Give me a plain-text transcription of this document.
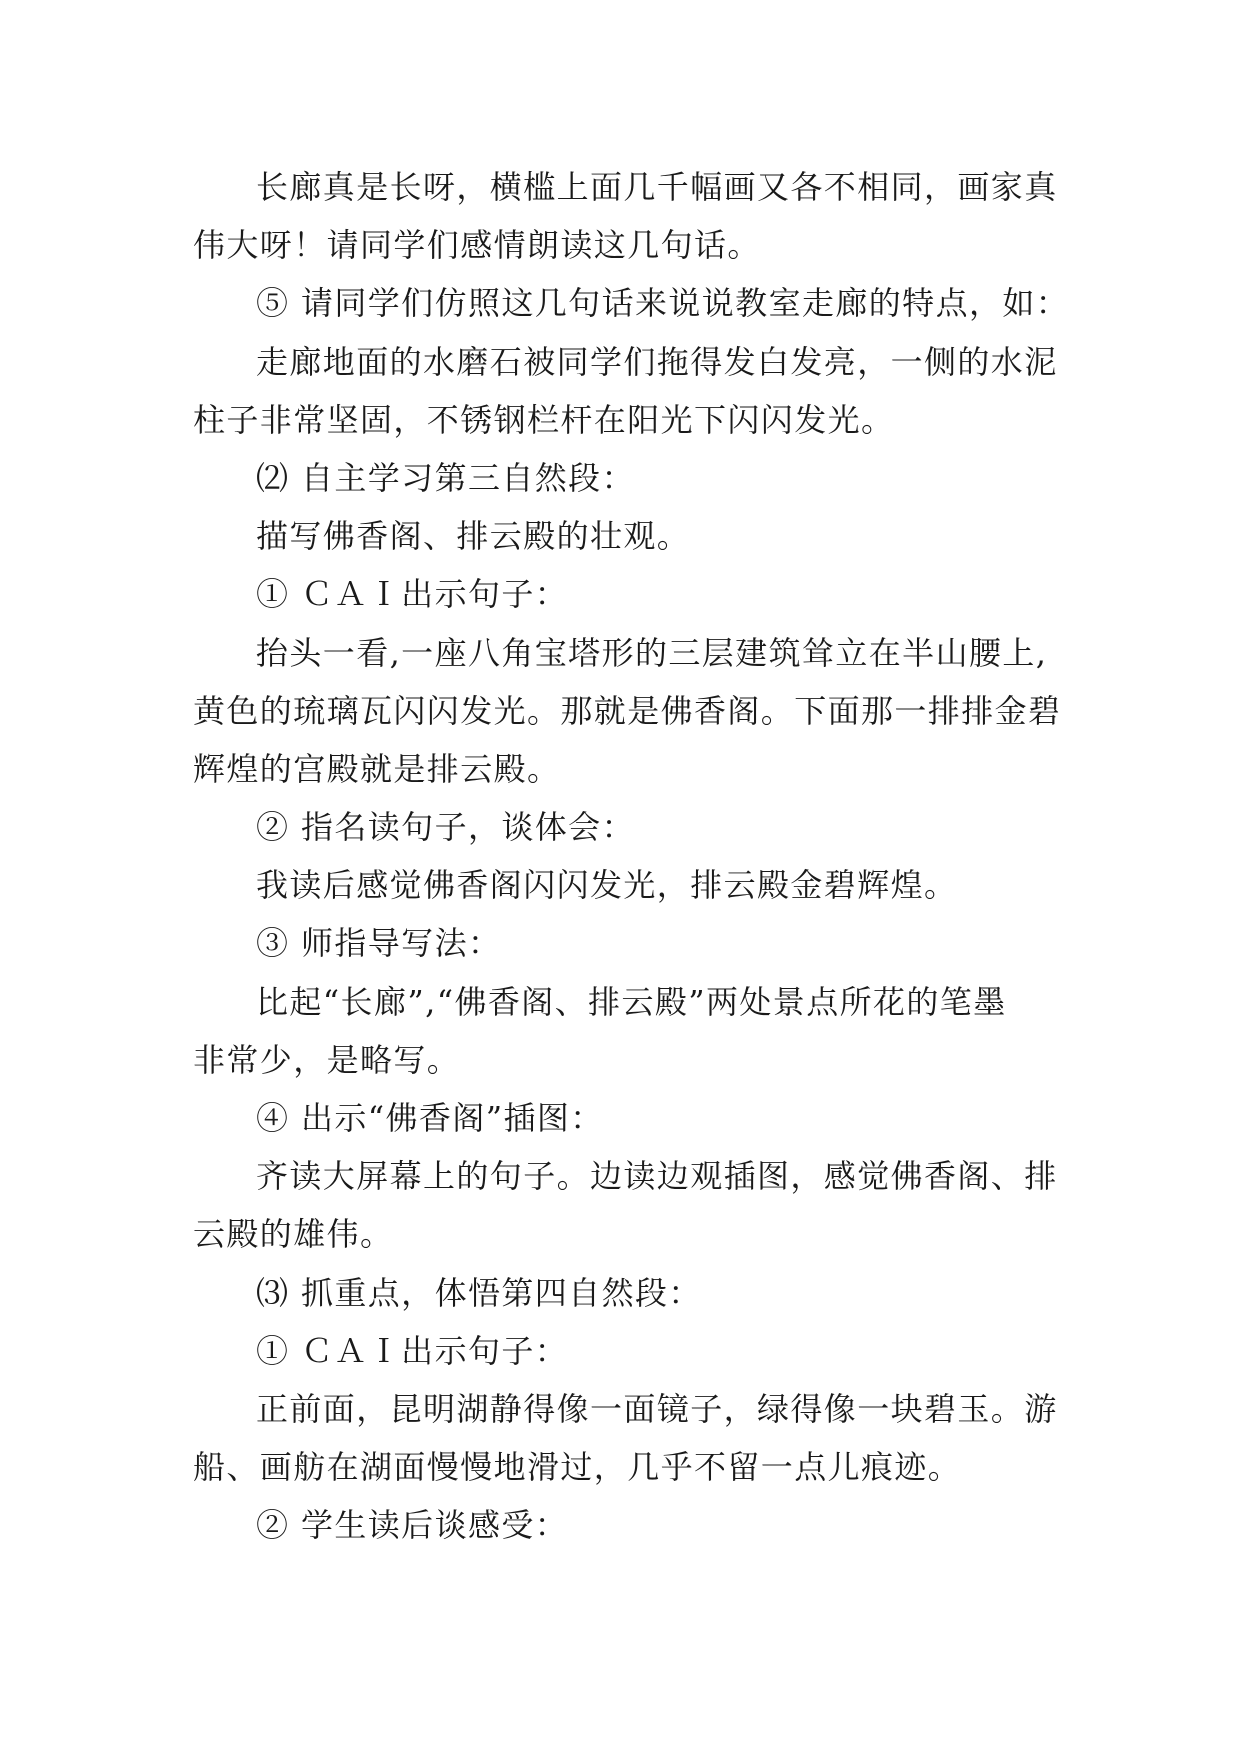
长廊真是长呀，横槛上面几千幅画又各不相同，画家真
伟大呀！请同学们感情朗读这几句话。
⑤ 请同学们仿照这几句话来说说教室走廊的特点，如：
走廊地面的水磨石被同学们拖得发白发亮，一侧的水泥
柱子非常坚固，不锈钢栏杆在阳光下闪闪发光。
⑵ 自主学习第三自然段：
描写佛香阁、排云殿的壮观。
① ＣＡＩ出示句子：
抬头一看,一座八角宝塔形的三层建筑耸立在半山腰上,
黄色的琉璃瓦闪闪发光。那就是佛香阁。下面那一排排金碧
辉煌的宫殿就是排云殿。
② 指名读句子，谈体会：
我读后感觉佛香阁闪闪发光，排云殿金碧辉煌。
③ 师指导写法：
比起“长廊”,“佛香阁、排云殿”两处景点所花的笔墨
非常少，是略写。
④ 出示“佛香阁”插图：
齐读大屏幕上的句子。边读边观插图，感觉佛香阁、排
云殿的雄伟。
⑶ 抓重点，体悟第四自然段：
① ＣＡＩ出示句子：
正前面，昆明湖静得像一面镜子，绿得像一块碧玉。游
船、画舫在湖面慢慢地滑过，几乎不留一点儿痕迹。
② 学生读后谈感受：
